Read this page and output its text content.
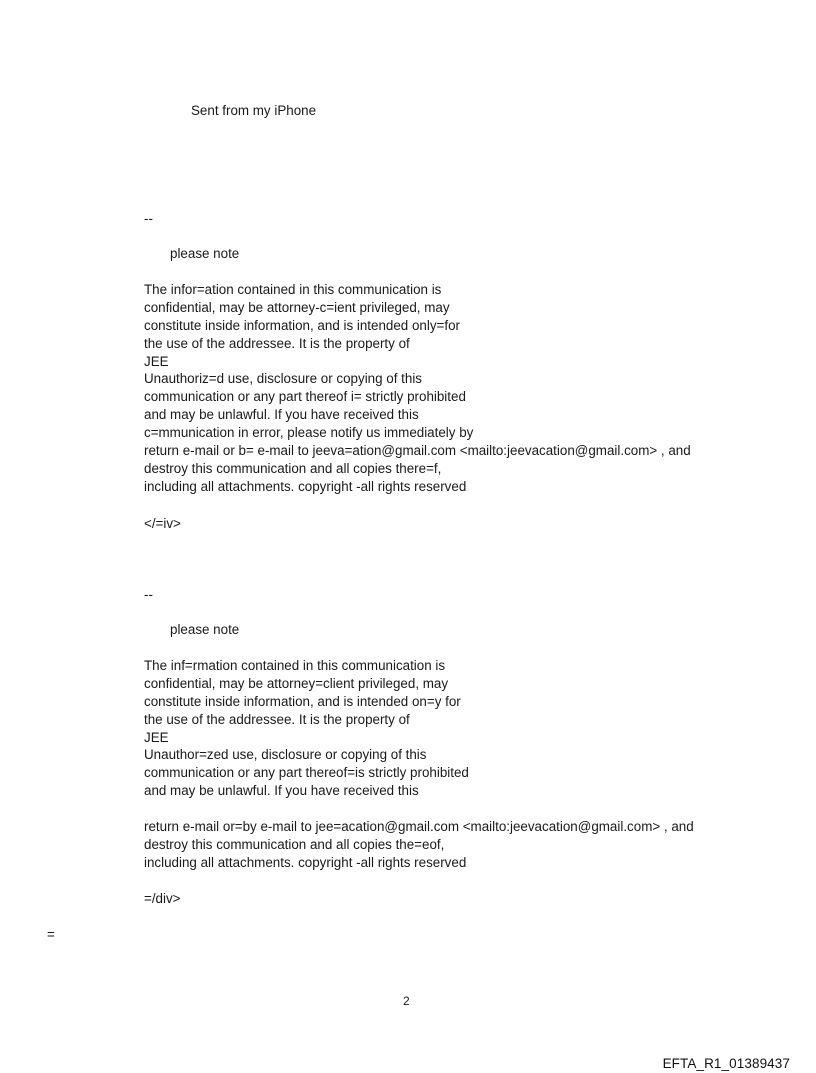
Sent from my iPhone

--

please note

The infor=ation contained in this communication is
confidential, may be attorney-c=ient privileged, may
constitute inside information, and is intended only=for
the use of the addressee. It is the property of
JEE
Unauthoriz=d use, disclosure or copying of this
communication or any part thereof i= strictly prohibited
and may be unlawful. If you have received this
c=mmunication in error, please notify us immediately by
return e-mail or b= e-mail to jeeva=ation@gmail.com <mailto:jeevacation@gmail.com> , and
destroy this communication and all copies there=f,
including all attachments. copyright -all rights reserved

</=iv>

--

please note

The inf=rmation contained in this communication is
confidential, may be attorney=client privileged, may
constitute inside information, and is intended on=y for
the use of the addressee. It is the property of
JEE
Unauthor=zed use, disclosure or copying of this
communication or any part thereof=is strictly prohibited
and may be unlawful. If you have received this
return e-mail or=by e-mail to jee=acation@gmail.com <mailto:jeevacation@gmail.com> , and
destroy this communication and all copies the=eof,
including all attachments. copyright -all rights reserved

=/div>

=

2
EFTA_R1_01389437
